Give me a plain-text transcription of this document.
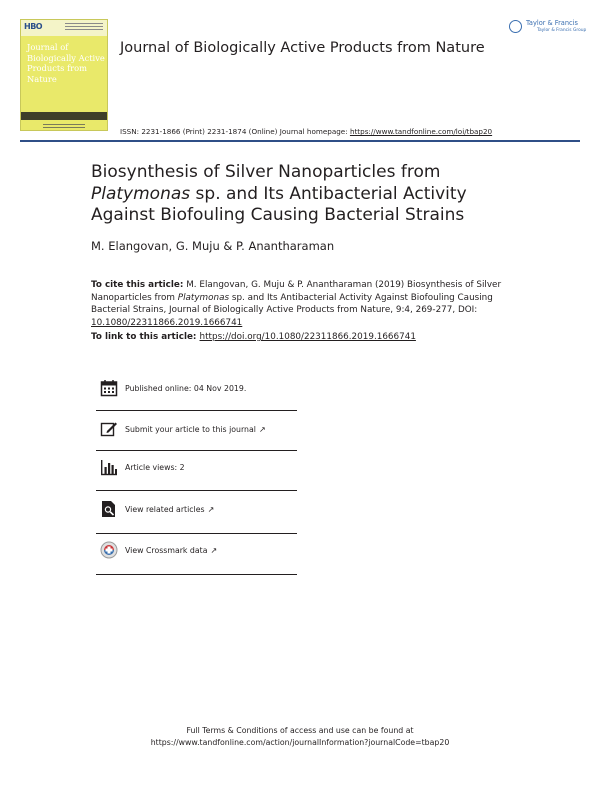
HBO
Journal of
Biologically Active
Products from
Nature
Journal of Biologically Active Products from Nature
Taylor & Francis
Taylor & Francis Group
ISSN: 2231-1866 (Print) 2231-1874 (Online) Journal homepage: https://www.tandfonline.com/loi/tbap20
Biosynthesis of Silver Nanoparticles from
Platymonas sp. and Its Antibacterial Activity Against Biofouling Causing Bacterial Strains
M. Elangovan, G. Muju & P. Anantharaman
To cite this article: M. Elangovan, G. Muju & P. Anantharaman (2019) Biosynthesis of Silver Nanoparticles from Platymonas sp. and Its Antibacterial Activity Against Biofouling Causing Bacterial Strains, Journal of Biologically Active Products from Nature, 9:4, 269-277, DOI: 10.1080/22311866.2019.1666741
To link to this article: https://doi.org/10.1080/22311866.2019.1666741
Published online: 04 Nov 2019.
Submit your article to this journal ↗
Article views: 2
View related articles ↗
View Crossmark data ↗
Full Terms & Conditions of access and use can be found at
https://www.tandfonline.com/action/journalInformation?journalCode=tbap20
